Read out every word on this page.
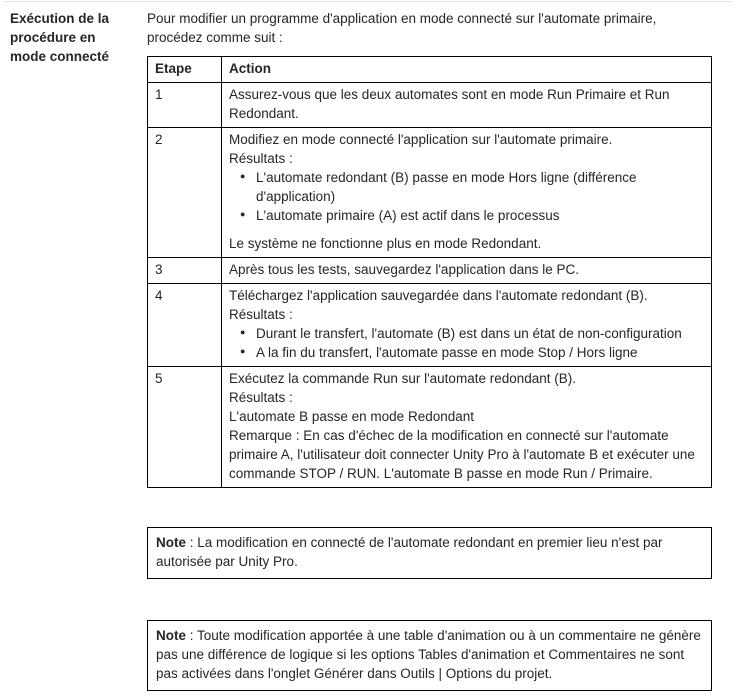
Exécution de la
procédure en
mode connecté

Pour modifier un programme d'application en mode connecté sur l'automate primaire, procédez comme suit :

Etape	Action
1	Assurez-vous que les deux automates sont en mode Run Primaire et Run Redondant.

2	Modifiez en mode connecté l'application sur l'automate primaire.
Résultats :
● L'automate redondant (B) passe en mode Hors ligne (différence d'application)
● L'automate primaire (A) est actif dans le processus
Le système ne fonctionne plus en mode Redondant.

3	Après tous les tests, sauvegardez l'application dans le PC.

4	Téléchargez l'application sauvegardée dans l'automate redondant (B).
Résultats :
● Durant le transfert, l'automate (B) est dans un état de non-configuration
● A la fin du transfert, l'automate passe en mode Stop / Hors ligne

5	Exécutez la commande Run sur l'automate redondant (B).
Résultats :
L'automate B passe en mode Redondant
Remarque : En cas d'échec de la modification en connecté sur l'automate primaire A, l'utilisateur doit connecter Unity Pro à l'automate B et exécuter une commande STOP / RUN. L'automate B passe en mode Run / Primaire.
Note : La modification en connecté de l'automate redondant en premier lieu n'est par autorisée par Unity Pro.
Note : Toute modification apportée à une table d'animation ou à un commentaire ne génère pas une différence de logique si les options Tables d'animation et Commentaires ne sont pas activées dans l'onglet Générer dans Outils | Options du projet.
